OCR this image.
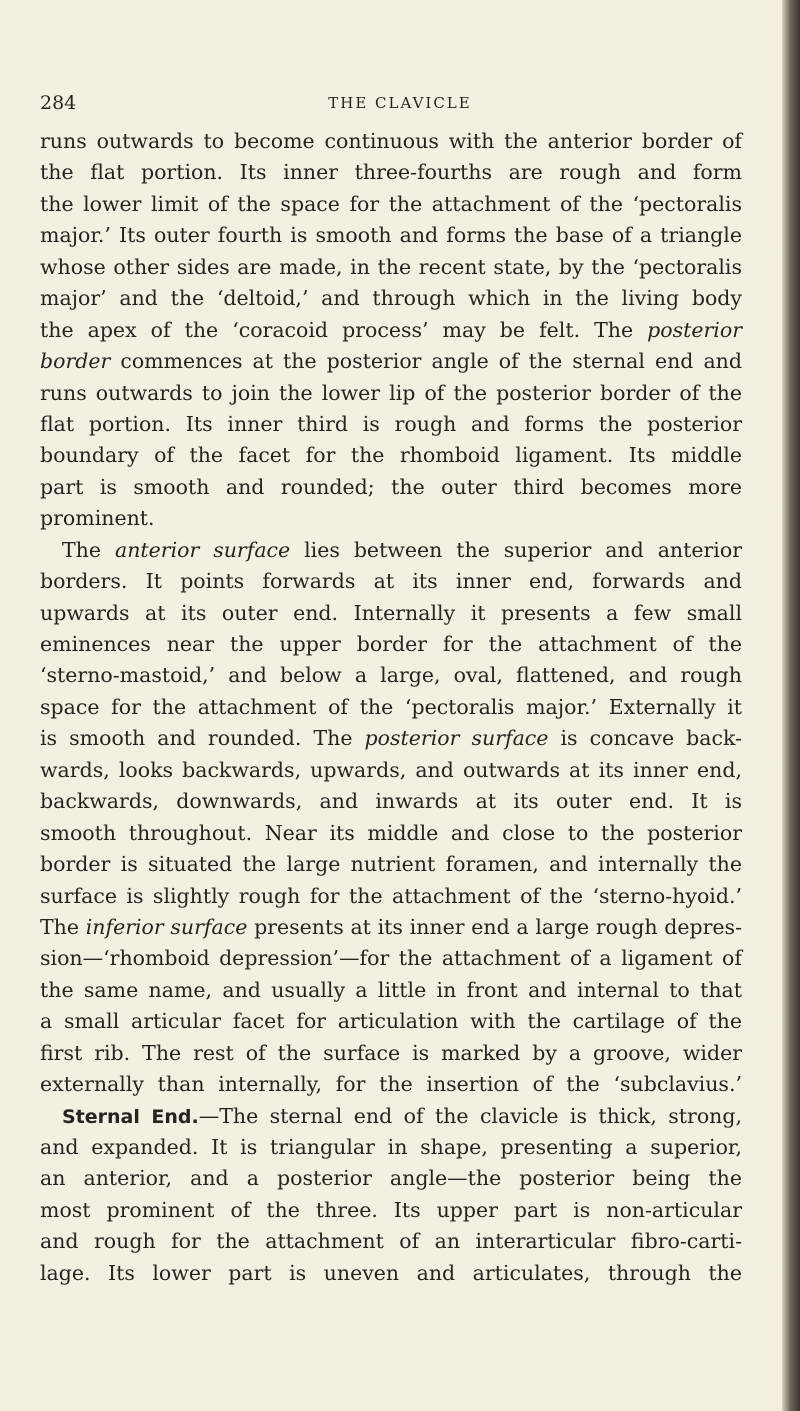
284	THE CLAVICLE
runs outwards to become continuous with the anterior border of
the flat portion. Its inner three-fourths are rough and form
the lower limit of the space for the attachment of the ‘pectoralis
major.’ Its outer fourth is smooth and forms the base of a triangle
whose other sides are made, in the recent state, by the ‘pectoralis
major’ and the ‘deltoid,’ and through which in the living body
the apex of the ‘coracoid process’ may be felt. The posterior
border commences at the posterior angle of the sternal end and
runs outwards to join the lower lip of the posterior border of the
flat portion. Its inner third is rough and forms the posterior
boundary of the facet for the rhomboid ligament. Its middle
part is smooth and rounded; the outer third becomes more
prominent.
The anterior surface lies between the superior and anterior
borders. It points forwards at its inner end, forwards and
upwards at its outer end. Internally it presents a few small
eminences near the upper border for the attachment of the
‘sterno-mastoid,’ and below a large, oval, flattened, and rough
space for the attachment of the ‘pectoralis major.’ Externally it
is smooth and rounded. The posterior surface is concave back-
wards, looks backwards, upwards, and outwards at its inner end,
backwards, downwards, and inwards at its outer end. It is
smooth throughout. Near its middle and close to the posterior
border is situated the large nutrient foramen, and internally the
surface is slightly rough for the attachment of the ‘sterno-hyoid.’
The inferior surface presents at its inner end a large rough depres-
sion—‘rhomboid depression’—for the attachment of a ligament of
the same name, and usually a little in front and internal to that
a small articular facet for articulation with the cartilage of the
first rib. The rest of the surface is marked by a groove, wider
externally than internally, for the insertion of the ‘subclavius.’
Sternal End.—The sternal end of the clavicle is thick, strong,
and expanded. It is triangular in shape, presenting a superior,
an anterior, and a posterior angle—the posterior being the
most prominent of the three. Its upper part is non-articular
and rough for the attachment of an interarticular fibro-carti-
lage. Its lower part is uneven and articulates, through the
